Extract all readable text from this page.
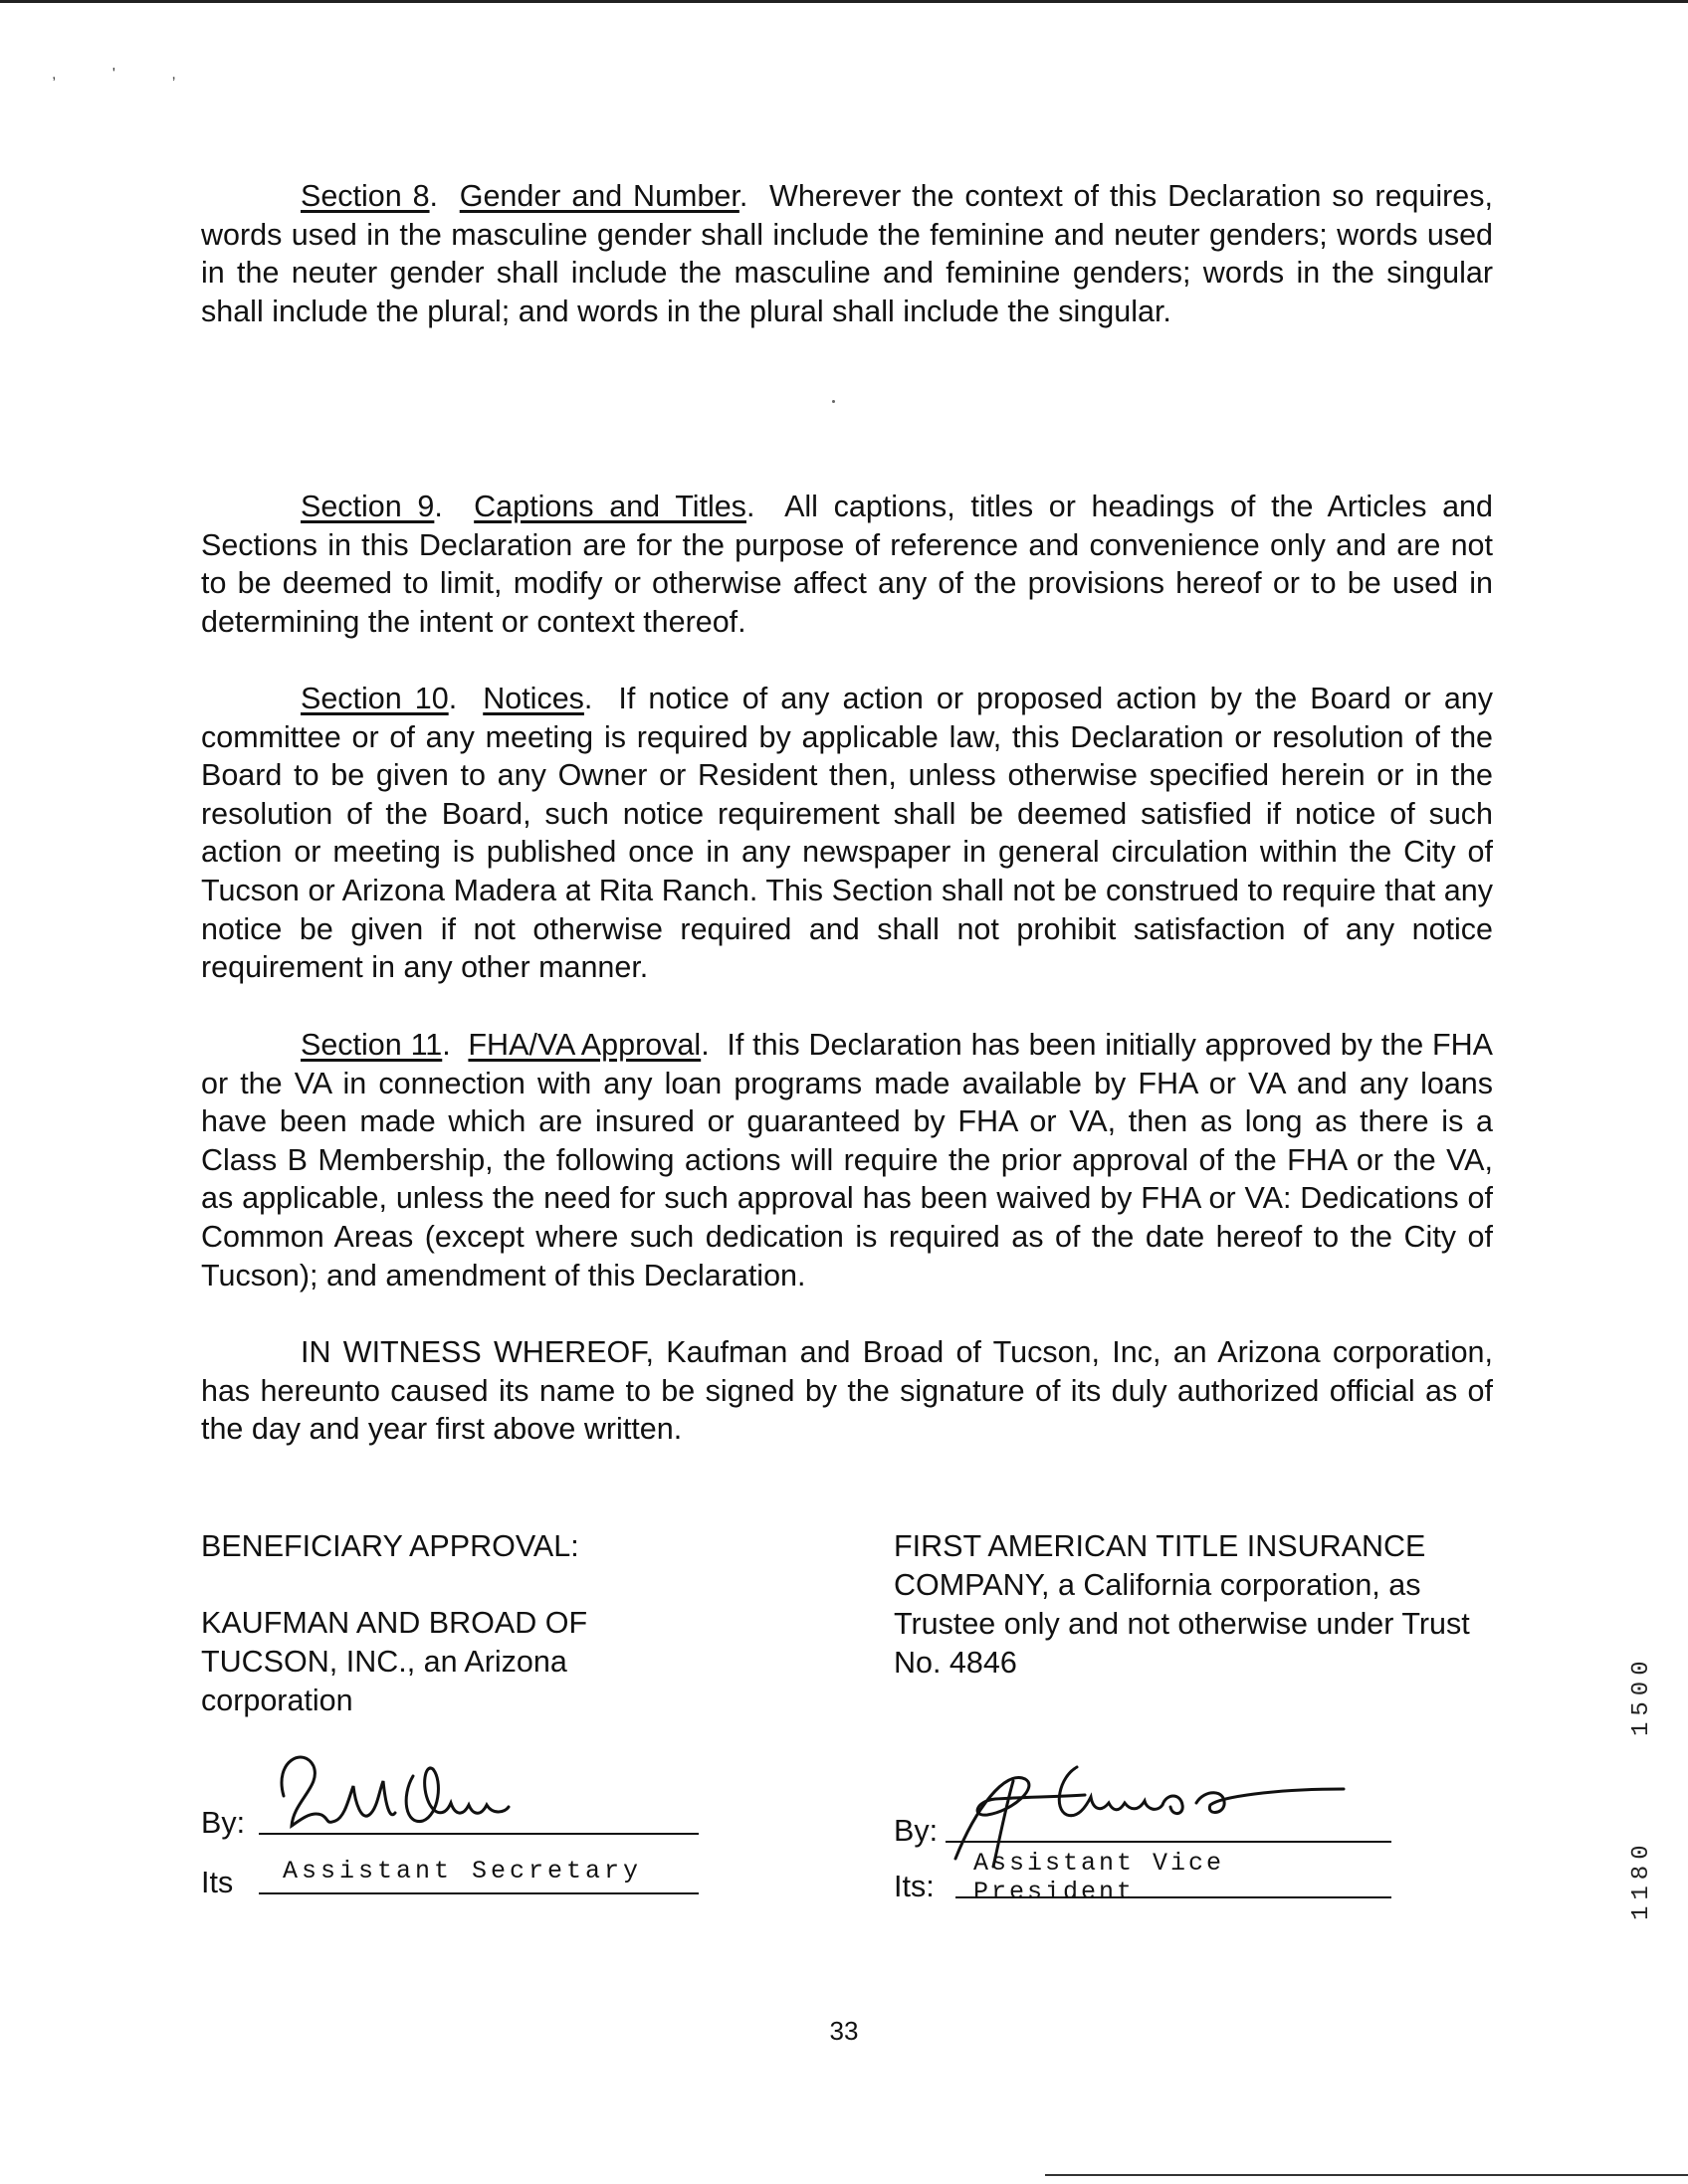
, ' ,

Section 8.  Gender and Number.  Wherever the context of this Declaration so requires, words used in the masculine gender shall include the feminine and neuter genders; words used in the neuter gender shall include the masculine and feminine genders; words in the singular shall include the plural; and words in the plural shall include the singular.

Section 9.  Captions and Titles.  All captions, titles or headings of the Articles and Sections in this Declaration are for the purpose of reference and convenience only and are not to be deemed to limit, modify or otherwise affect any of the provisions hereof or to be used in determining the intent or context thereof.

Section 10.  Notices.  If notice of any action or proposed action by the Board or any committee or of any meeting is required by applicable law, this Declaration or resolution of the Board to be given to any Owner or Resident then, unless otherwise specified herein or in the resolution of the Board, such notice requirement shall be deemed satisfied if notice of such action or meeting is published once in any newspaper in general circulation within the City of Tucson or Arizona Madera at Rita Ranch. This Section shall not be construed to require that any notice be given if not otherwise required and shall not prohibit satisfaction of any notice requirement in any other manner.

Section 11.  FHA/VA Approval.  If this Declaration has been initially approved by the FHA or the VA in connection with any loan programs made available by FHA or VA and any loans have been made which are insured or guaranteed by FHA or VA, then as long as there is a Class B Membership, the following actions will require the prior approval of the FHA or the VA, as applicable, unless the need for such approval has been waived by FHA or VA: Dedications of Common Areas (except where such dedication is required as of the date hereof to the City of Tucson); and amendment of this Declaration.

IN WITNESS WHEREOF, Kaufman and Broad of Tucson, Inc, an Arizona corporation, has hereunto caused its name to be signed by the signature of its duly authorized official as of the day and year first above written.

BENEFICIARY APPROVAL:
KAUFMAN AND BROAD OF
TUCSON, INC., an Arizona
corporation
By:
Its Assistant Secretary
FIRST AMERICAN TITLE INSURANCE
COMPANY, a California corporation, as
Trustee only and not otherwise under Trust
No. 4846
By:
Its:
Assistant Vice President
33
1500
1180
